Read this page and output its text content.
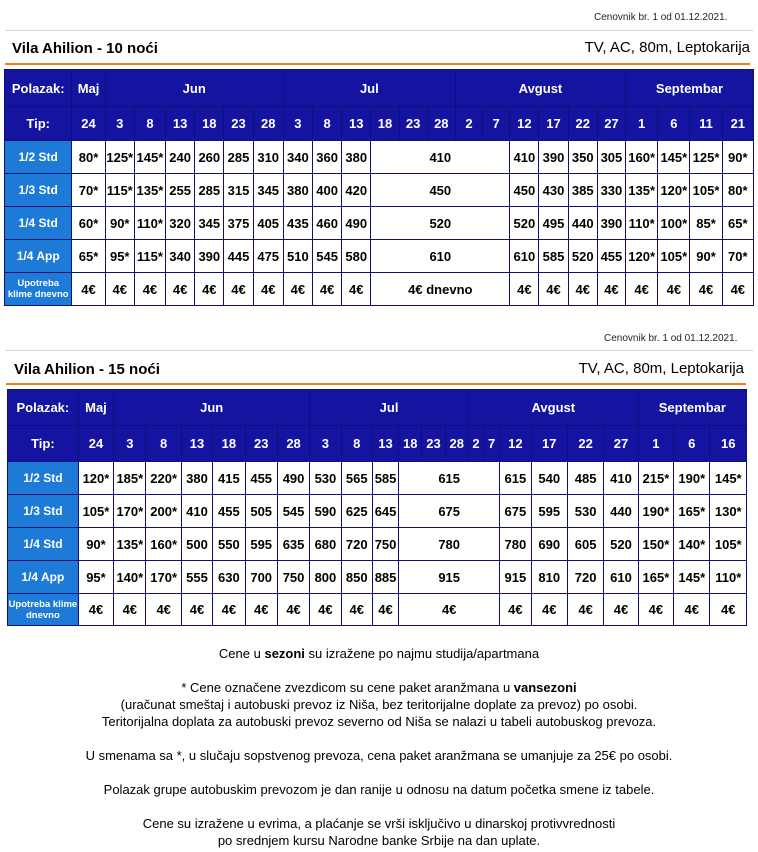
Cenovnik br. 1 od 01.12.2021.
Vila Ahilion - 10 noći	TV, AC, 80m, Leptokarija
Polazak:	Maj	Jun						Jul						Avgust						Septembar			
Tip:	24	3	8	13	18	23	28	3	8	13	18	23	28	2	7	12	17	22	27	1	6	11	21
1/2 Std	80*	125*	145*	240	260	285	310	340	360	380	410					410	390	350	305	160*	145*	125*	90*
1/3 Std	70*	115*	135*	255	285	315	345	380	400	420	450					450	430	385	330	135*	120*	105*	80*
1/4 Std	60*	90*	110*	320	345	375	405	435	460	490	520					520	495	440	390	110*	100*	85*	65*
1/4 App	65*	95*	115*	340	390	445	475	510	545	580	610					610	585	520	455	120*	105*	90*	70*
Upotreba klime dnevno	4€	4€	4€	4€	4€	4€	4€	4€	4€	4€	4€ dnevno					4€	4€	4€	4€	4€	4€	4€	4€
Cenovnik br. 1 od 01.12.2021.
Vila Ahilion - 15 noći	TV, AC, 80m, Leptokarija
Polazak:	Maj	Jun						Jul						Avgust						Septembar		
Tip:	24	3	8	13	18	23	28	3	8	13	18	23	28	2	7	12	17	22	27	1	6	16
1/2 Std	120*	185*	220*	380	415	455	490	530	565	585	615					615	540	485	410	215*	190*	145*
1/3 Std	105*	170*	200*	410	455	505	545	590	625	645	675					675	595	530	440	190*	165*	130*
1/4 Std	90*	135*	160*	500	550	595	635	680	720	750	780					780	690	605	520	150*	140*	105*
1/4 App	95*	140*	170*	555	630	700	750	800	850	885	915					915	810	720	610	165*	145*	110*
Upotreba klime dnevno	4€	4€	4€	4€	4€	4€	4€	4€	4€	4€	4€					4€	4€	4€	4€	4€	4€	4€

Cene u sezoni su izražene po najmu studija/apartmana

* Cene označene zvezdicom su cene paket aranžmana u vansezoni

(uračunat smeštaj i autobuski prevoz iz Niša, bez teritorijalne doplate za prevoz) po osobi.

Teritorijalna doplata za autobuski prevoz severno od Niša se nalazi u tabeli autobuskog prevoza.

U smenama sa *, u slučaju sopstvenog prevoza, cena paket aranžmana se umanjuje za 25€ po osobi.

Polazak grupe autobuskim prevozom je dan ranije u odnosu na datum početka smene iz tabele.

Cene su izražene u evrima, a plaćanje se vrši isključivo u dinarskoj protivvrednosti

po srednjem kursu Narodne banke Srbije na dan uplate.
